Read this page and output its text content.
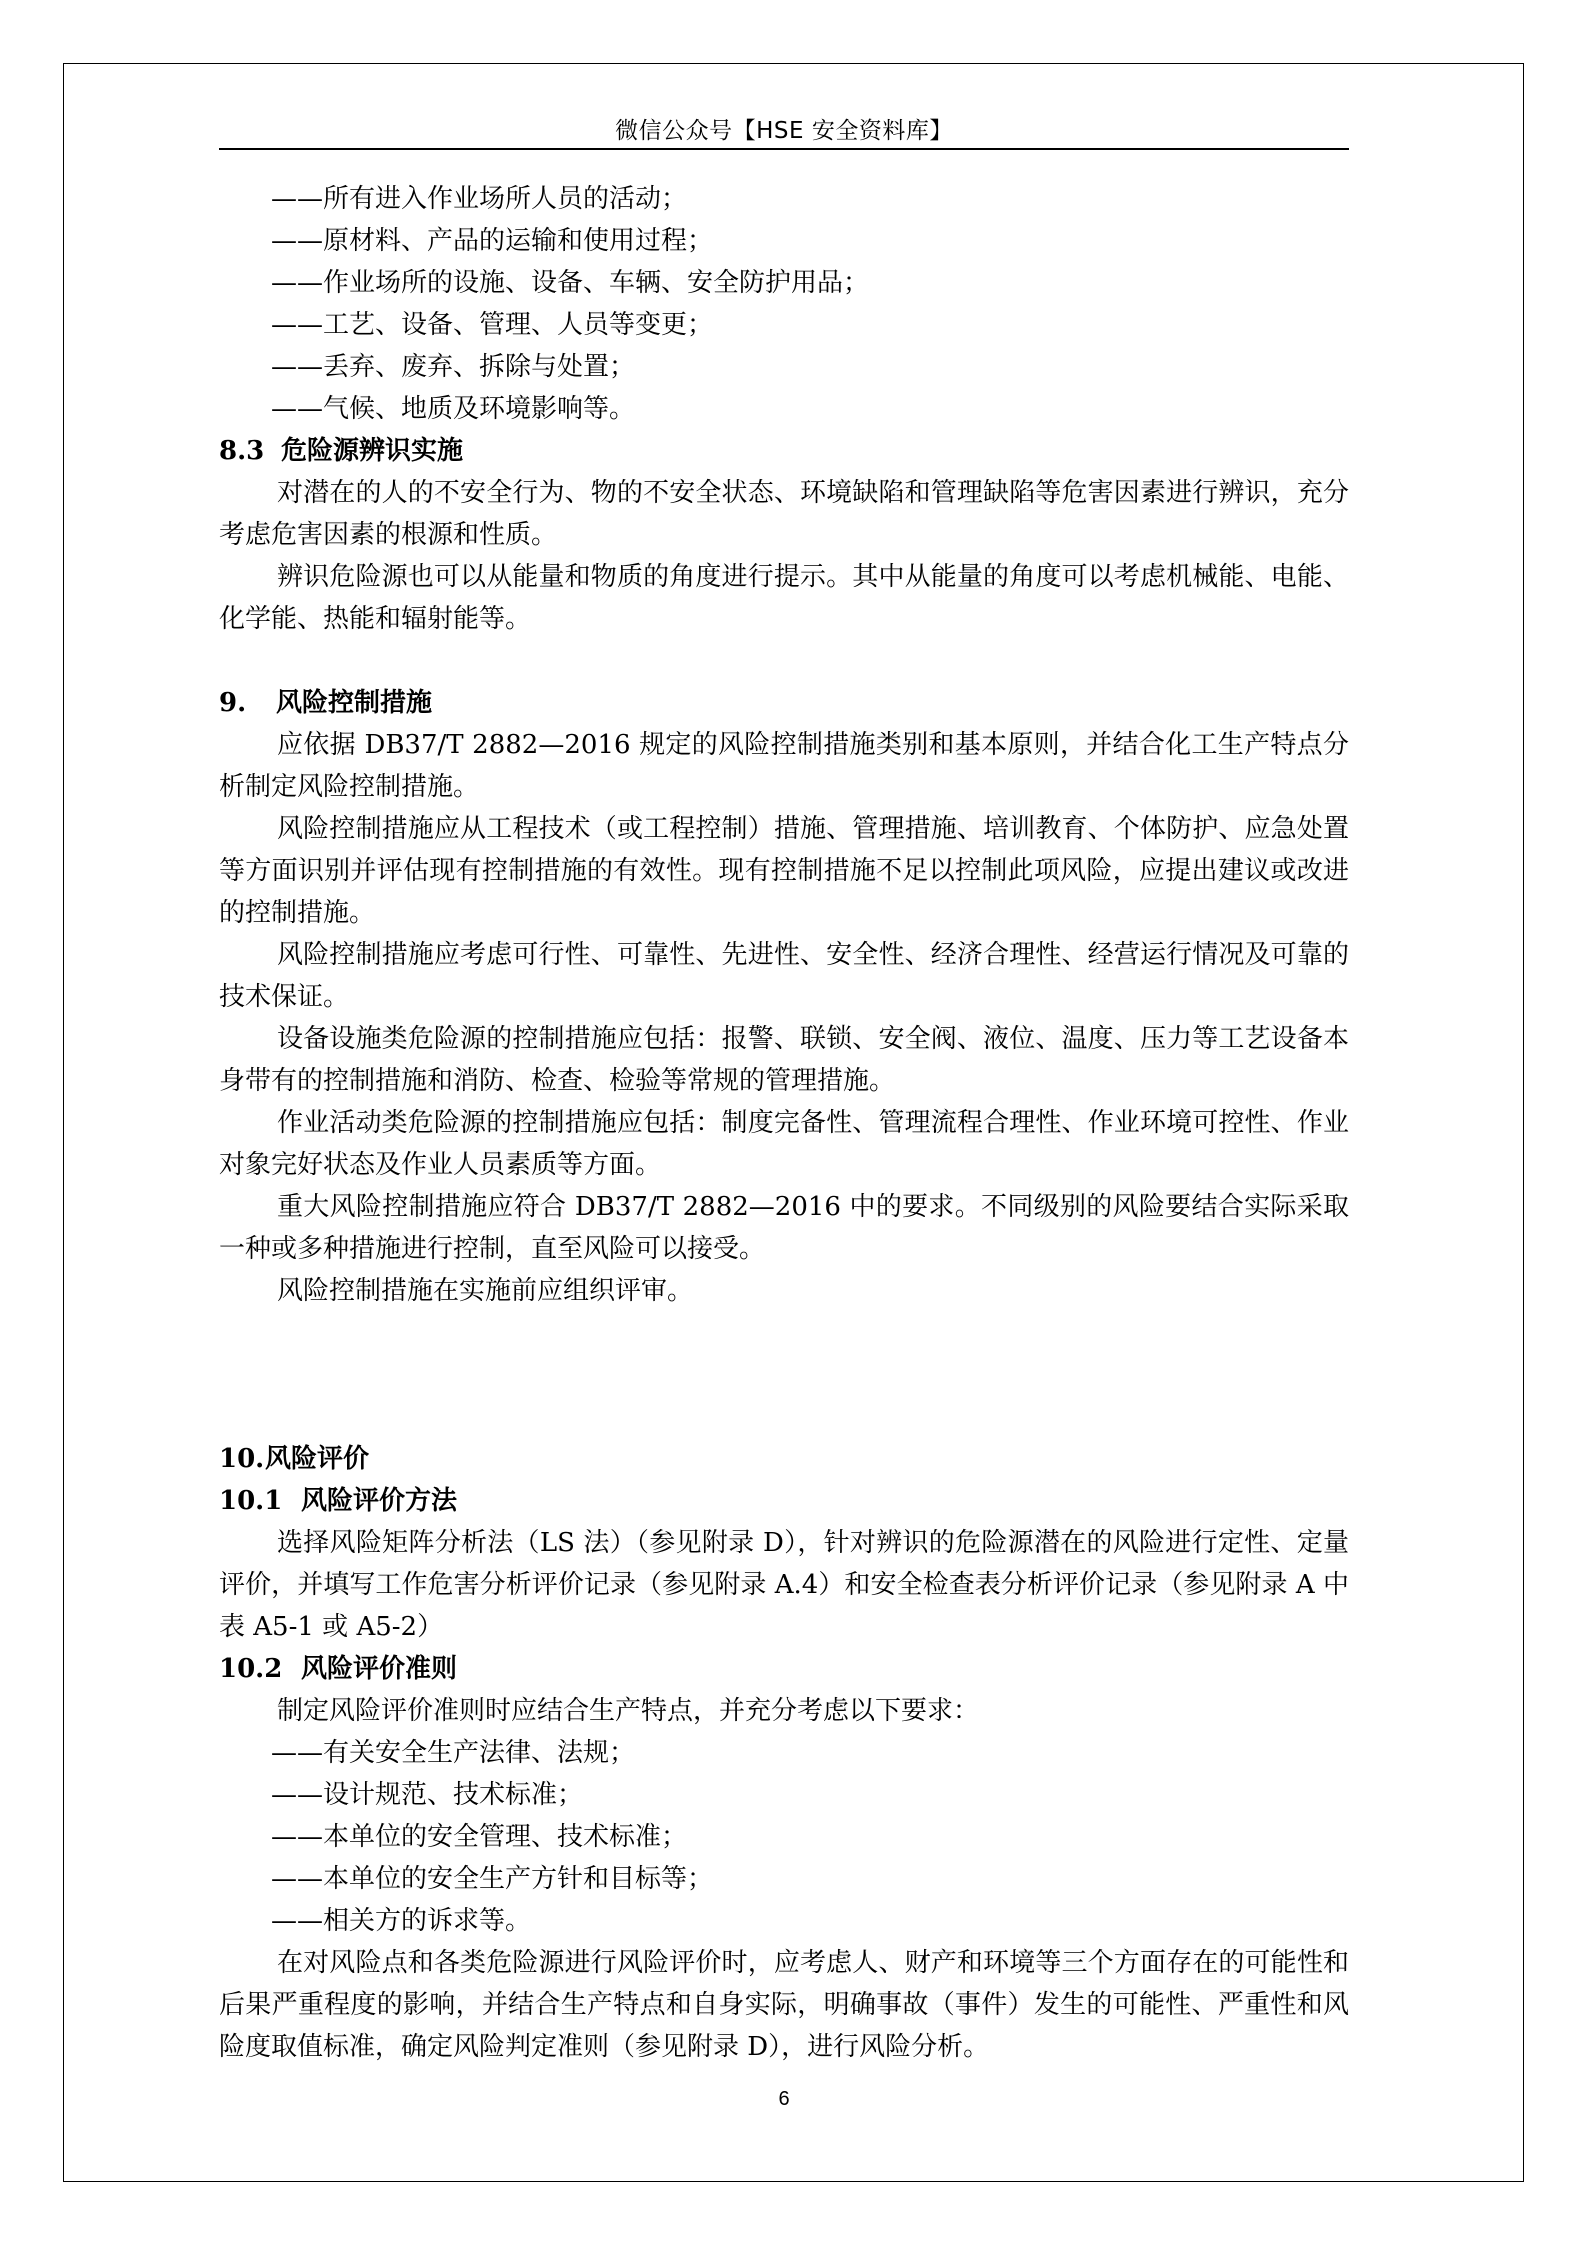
微信公众号【HSE 安全资料库】

——所有进入作业场所人员的活动；

——原材料、产品的运输和使用过程；

——作业场所的设施、设备、车辆、安全防护用品；

——工艺、设备、管理、人员等变更；

——丢弃、废弃、拆除与处置；

——气候、地质及环境影响等。

8.3 危险源辨识实施

对潜在的人的不安全行为、物的不安全状态、环境缺陷和管理缺陷等危害因素进行辨识，充分考虑危害因素的根源和性质。

辨识危险源也可以从能量和物质的角度进行提示。其中从能量的角度可以考虑机械能、电能、化学能、热能和辐射能等。

9. 风险控制措施

应依据 DB37/T 2882—2016 规定的风险控制措施类别和基本原则，并结合化工生产特点分析制定风险控制措施。

风险控制措施应从工程技术（或工程控制）措施、管理措施、培训教育、个体防护、应急处置等方面识别并评估现有控制措施的有效性。现有控制措施不足以控制此项风险，应提出建议或改进的控制措施。

风险控制措施应考虑可行性、可靠性、先进性、安全性、经济合理性、经营运行情况及可靠的技术保证。

设备设施类危险源的控制措施应包括：报警、联锁、安全阀、液位、温度、压力等工艺设备本身带有的控制措施和消防、检查、检验等常规的管理措施。

作业活动类危险源的控制措施应包括：制度完备性、管理流程合理性、作业环境可控性、作业对象完好状态及作业人员素质等方面。

重大风险控制措施应符合 DB37/T 2882—2016 中的要求。不同级别的风险要结合实际采取一种或多种措施进行控制，直至风险可以接受。

风险控制措施在实施前应组织评审。

10.风险评价

10.1 风险评价方法

选择风险矩阵分析法（LS 法）（参见附录 D），针对辨识的危险源潜在的风险进行定性、定量评价，并填写工作危害分析评价记录（参见附录 A.4）和安全检查表分析评价记录（参见附录 A 中表 A5-1 或 A5-2）

10.2 风险评价准则

制定风险评价准则时应结合生产特点，并充分考虑以下要求：

——有关安全生产法律、法规；

——设计规范、技术标准；

——本单位的安全管理、技术标准；

——本单位的安全生产方针和目标等；

——相关方的诉求等。

在对风险点和各类危险源进行风险评价时，应考虑人、财产和环境等三个方面存在的可能性和后果严重程度的影响，并结合生产特点和自身实际，明确事故（事件）发生的可能性、严重性和风险度取值标准，确定风险判定准则（参见附录 D），进行风险分析。

6
